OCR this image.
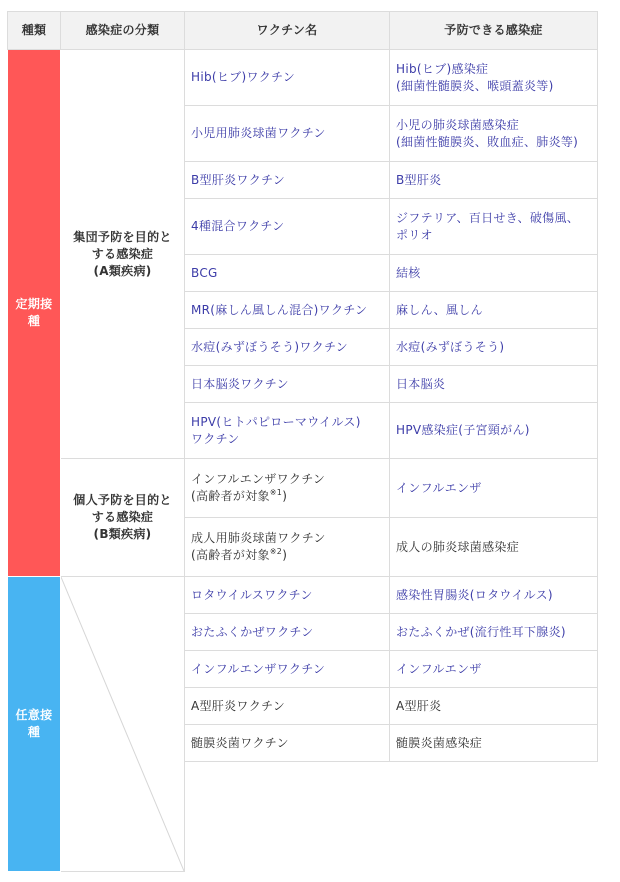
種類	感染症の分類	ワクチン名	予防できる感染症

定期接
種	集団予防を目的と
する感染症
(A類疾病)	Hib(ヒブ)ワクチン	Hib(ヒブ)感染症
(細菌性髄膜炎、喉頭蓋炎等)

		小児用肺炎球菌ワクチン	小児の肺炎球菌感染症
(細菌性髄膜炎、敗血症、肺炎等)

		B型肝炎ワクチン	B型肝炎
		4種混合ワクチン	ジフテリア、百日せき、破傷風、
ポリオ

		BCG	結核
		MR(麻しん風しん混合)ワクチン	麻しん、風しん
		水痘(みずぼうそう)ワクチン	水痘(みずぼうそう)
		日本脳炎ワクチン	日本脳炎

		HPV(ヒトパピローマウイルス)
ワクチン	HPV感染症(子宮頸がん)

	個人予防を目的と
する感染症
(B類疾病)	インフルエンザワクチン
(高齢者が対象$^{※1}$)	インフルエンザ

		成人用肺炎球菌ワクチン
(高齢者が対象$^{※2}$)	成人の肺炎球菌感染症

任意接
種		ロタウイルスワクチン	感染性胃腸炎(ロタウイルス)
		おたふくかぜワクチン	おたふくかぜ(流行性耳下腺炎)
		インフルエンザワクチン	インフルエンザ
		A型肝炎ワクチン	A型肝炎
		髄膜炎菌ワクチン	髄膜炎菌感染症
